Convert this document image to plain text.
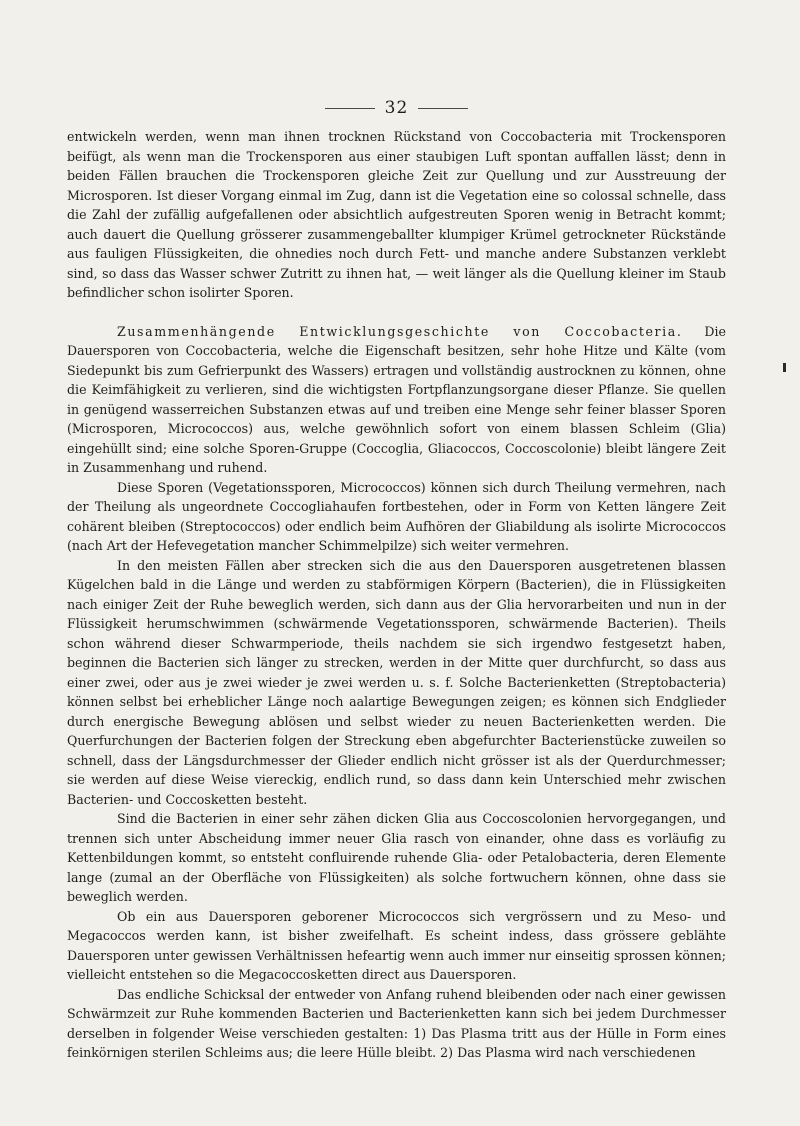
32

entwickeln werden, wenn man ihnen trocknen Rückstand von Coccobacteria mit Trockensporen beifügt, als wenn man die Trockensporen aus einer staubigen Luft spontan auffallen lässt; denn in beiden Fällen brauchen die Trockensporen gleiche Zeit zur Quellung und zur Ausstreuung der Microsporen. Ist dieser Vorgang einmal im Zug, dann ist die Vegetation eine so colossal schnelle, dass die Zahl der zufällig aufgefallenen oder absichtlich aufgestreuten Sporen wenig in Betracht kommt; auch dauert die Quellung grösserer zusammengeballter klumpiger Krümel getrockneter Rückstände aus fauligen Flüssigkeiten, die ohnedies noch durch Fett- und manche andere Substanzen verklebt sind, so dass das Wasser schwer Zutritt zu ihnen hat, — weit länger als die Quellung kleiner im Staub befindlicher schon isolirter Sporen.

Zusammenhängende Entwicklungsgeschichte von Coccobacteria. Die Dauersporen von Coccobacteria, welche die Eigenschaft besitzen, sehr hohe Hitze und Kälte (vom Siedepunkt bis zum Gefrierpunkt des Wassers) ertragen und vollständig austrocknen zu können, ohne die Keimfähigkeit zu verlieren, sind die wichtigsten Fortpflanzungsorgane dieser Pflanze. Sie quellen in genügend wasserreichen Substanzen etwas auf und treiben eine Menge sehr feiner blasser Sporen (Microsporen, Micrococcos) aus, welche gewöhnlich sofort von einem blassen Schleim (Glia) eingehüllt sind; eine solche Sporen-Gruppe (Coccoglia, Gliacoccos, Coccoscolonie) bleibt längere Zeit in Zusammenhang und ruhend.

Diese Sporen (Vegetationssporen, Micrococcos) können sich durch Theilung vermehren, nach der Theilung als ungeordnete Coccogliahaufen fortbestehen, oder in Form von Ketten längere Zeit cohärent bleiben (Streptococcos) oder endlich beim Aufhören der Gliabildung als isolirte Micrococcos (nach Art der Hefevegetation mancher Schimmelpilze) sich weiter vermehren.

In den meisten Fällen aber strecken sich die aus den Dauersporen ausgetretenen blassen Kügelchen bald in die Länge und werden zu stabförmigen Körpern (Bacterien), die in Flüssigkeiten nach einiger Zeit der Ruhe beweglich werden, sich dann aus der Glia hervorarbeiten und nun in der Flüssigkeit herumschwimmen (schwärmende Vegetationssporen, schwärmende Bacterien). Theils schon während dieser Schwarmperiode, theils nachdem sie sich irgendwo festgesetzt haben, beginnen die Bacterien sich länger zu strecken, werden in der Mitte quer durchfurcht, so dass aus einer zwei, oder aus je zwei wieder je zwei werden u. s. f. Solche Bacterienketten (Streptobacteria) können selbst bei erheblicher Länge noch aalartige Bewegungen zeigen; es können sich Endglieder durch energische Bewegung ablösen und selbst wieder zu neuen Bacterienketten werden. Die Querfurchungen der Bacterien folgen der Streckung eben abgefurchter Bacterienstücke zuweilen so schnell, dass der Längsdurchmesser der Glieder endlich nicht grösser ist als der Querdurchmesser; sie werden auf diese Weise viereckig, endlich rund, so dass dann kein Unterschied mehr zwischen Bacterien- und Coccosketten besteht.

Sind die Bacterien in einer sehr zähen dicken Glia aus Coccoscolonien hervorgegangen, und trennen sich unter Abscheidung immer neuer Glia rasch von einander, ohne dass es vorläufig zu Kettenbildungen kommt, so entsteht confluirende ruhende Glia- oder Petalobacteria, deren Elemente lange (zumal an der Oberfläche von Flüssigkeiten) als solche fortwuchern können, ohne dass sie beweglich werden.

Ob ein aus Dauersporen geborener Micrococcos sich vergrössern und zu Meso- und Megacoccos werden kann, ist bisher zweifelhaft. Es scheint indess, dass grössere geblähte Dauersporen unter gewissen Verhältnissen hefeartig wenn auch immer nur einseitig sprossen können; vielleicht entstehen so die Megacoccosketten direct aus Dauersporen.

Das endliche Schicksal der entweder von Anfang ruhend bleibenden oder nach einer gewissen Schwärmzeit zur Ruhe kommenden Bacterien und Bacterienketten kann sich bei jedem Durchmesser derselben in folgender Weise verschieden gestalten: 1) Das Plasma tritt aus der Hülle in Form eines feinkörnigen sterilen Schleims aus; die leere Hülle bleibt. 2) Das Plasma wird nach verschiedenen
